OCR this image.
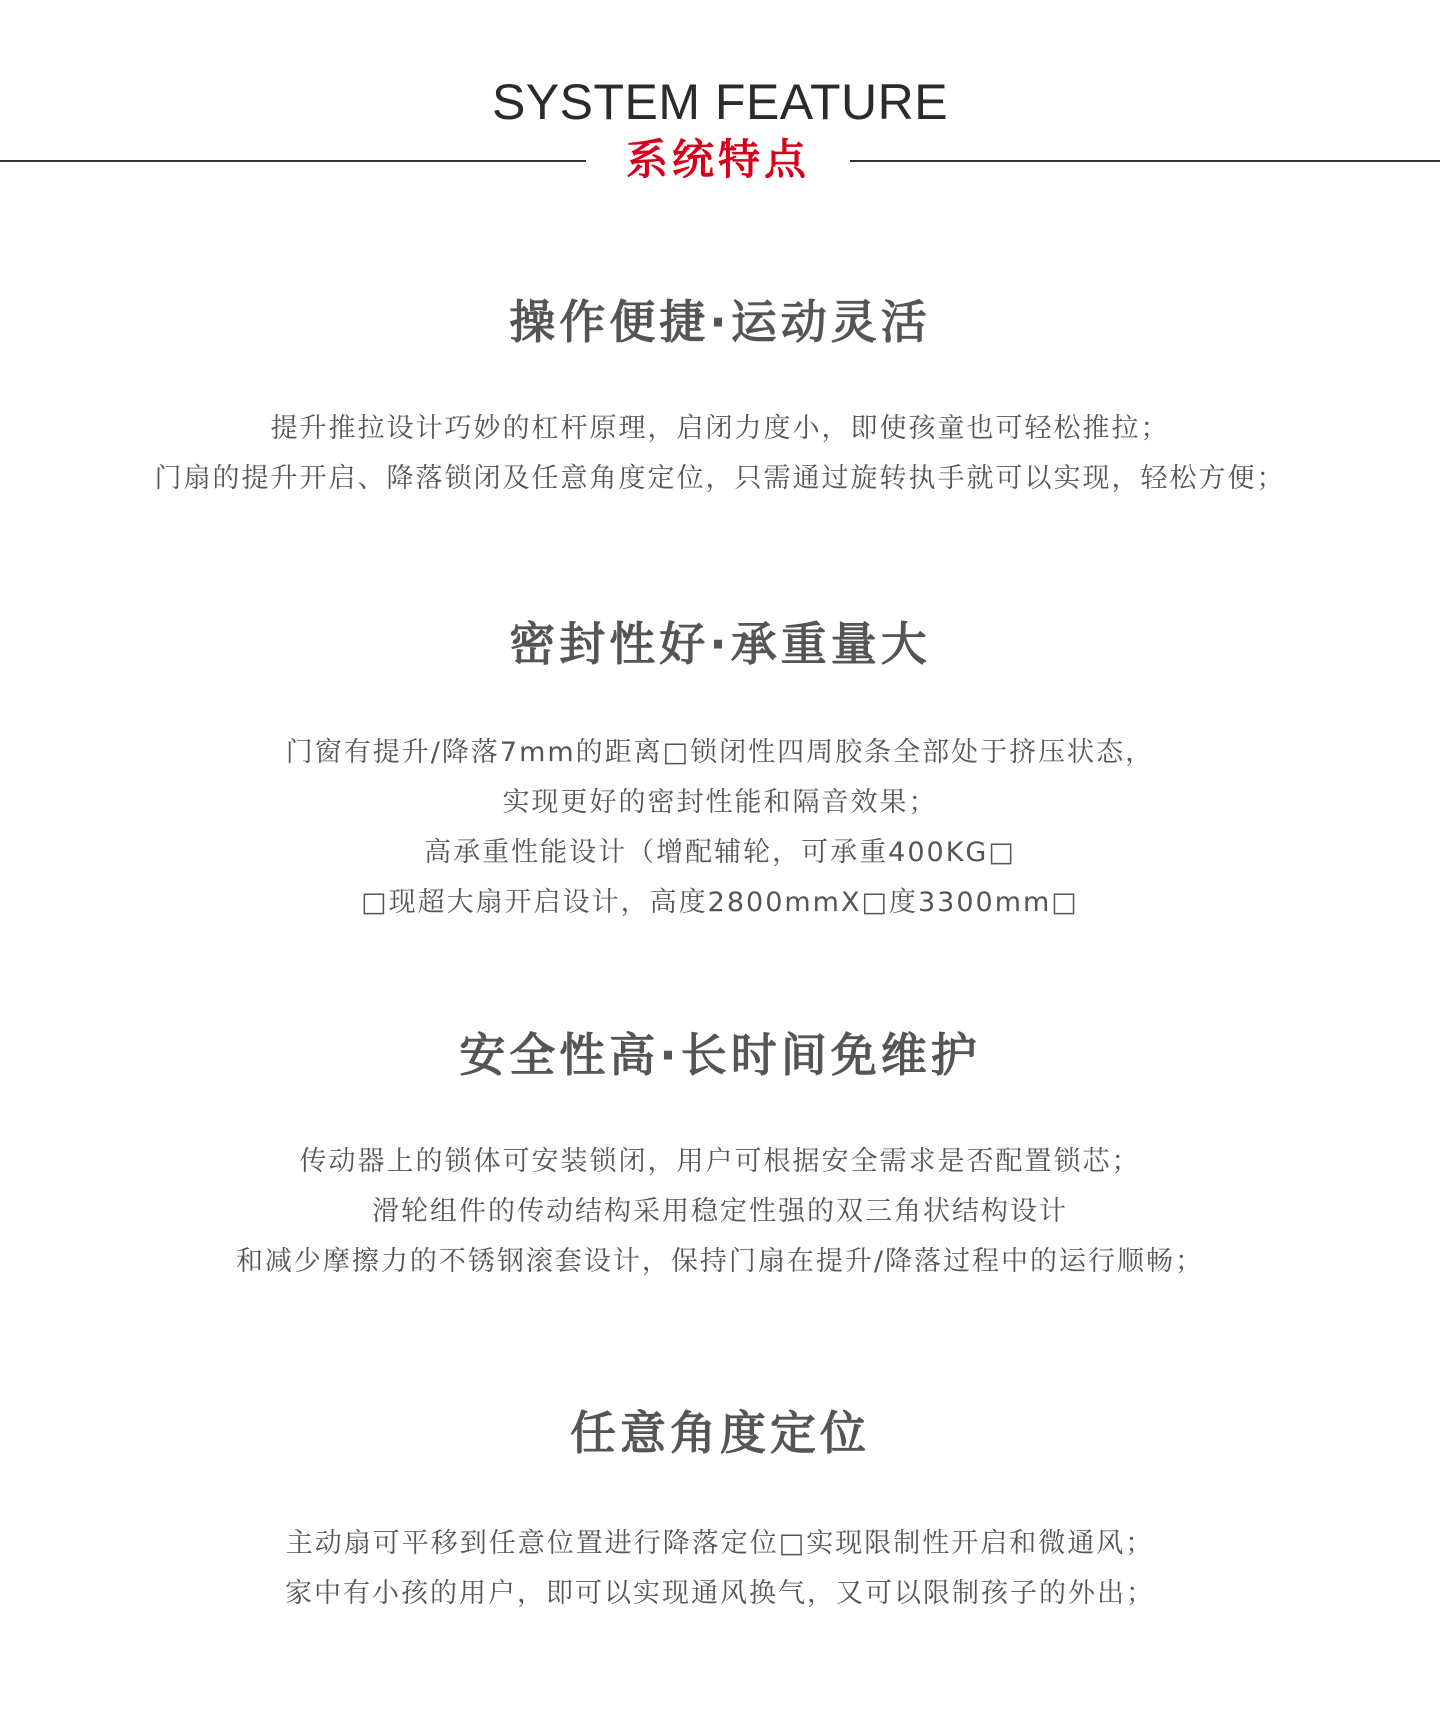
SYSTEM FEATURE
系统特点
操作便捷·运动灵活
提升推拉设计巧妙的杠杆原理，启闭力度小，即使孩童也可轻松推拉；
门扇的提升开启、降落锁闭及任意角度定位，只需通过旋转执手就可以实现，轻松方便；
密封性好·承重量大
门窗有提升/降落7mm的距离□锁闭性四周胶条全部处于挤压状态，
实现更好的密封性能和隔音效果；
高承重性能设计（增配辅轮，可承重400KG□
□现超大扇开启设计，高度2800mmX□度3300mm□
安全性高·长时间免维护
传动器上的锁体可安装锁闭，用户可根据安全需求是否配置锁芯；
滑轮组件的传动结构采用稳定性强的双三角状结构设计
和减少摩擦力的不锈钢滚套设计，保持门扇在提升/降落过程中的运行顺畅；
任意角度定位
主动扇可平移到任意位置进行降落定位□实现限制性开启和微通风；
家中有小孩的用户，即可以实现通风换气，又可以限制孩子的外出；
